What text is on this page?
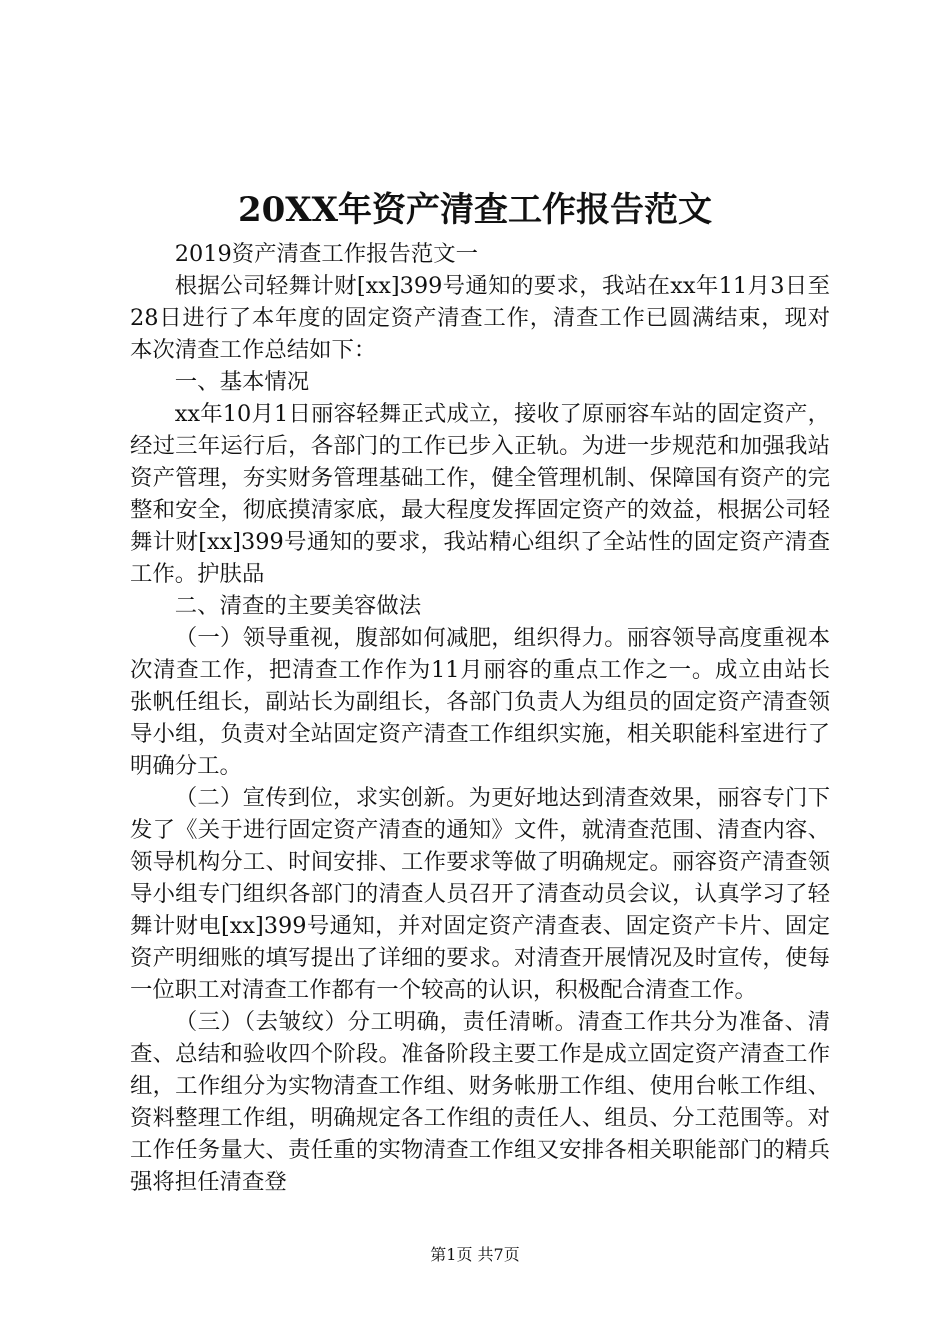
20XX年资产清查工作报告范文

2019资产清查工作报告范文一

根据公司轻舞计财[xx]399号通知的要求，我站在xx年11月3日至28日进行了本年度的固定资产清查工作，清查工作已圆满结束，现对本次清查工作总结如下：

一、基本情况

xx年10月1日丽容轻舞正式成立，接收了原丽容车站的固定资产，经过三年运行后，各部门的工作已步入正轨。为进一步规范和加强我站资产管理，夯实财务管理基础工作，健全管理机制、保障国有资产的完整和安全，彻底摸清家底，最大程度发挥固定资产的效益，根据公司轻舞计财[xx]399号通知的要求，我站精心组织了全站性的固定资产清查工作。护肤品

二、清查的主要美容做法

（一）领导重视，腹部如何减肥，组织得力。丽容领导高度重视本次清查工作，把清查工作作为11月丽容的重点工作之一。成立由站长张帆任组长，副站长为副组长，各部门负责人为组员的固定资产清查领导小组，负责对全站固定资产清查工作组织实施，相关职能科室进行了明确分工。

（二）宣传到位，求实创新。为更好地达到清查效果，丽容专门下发了《关于进行固定资产清查的通知》文件，就清查范围、清查内容、领导机构分工、时间安排、工作要求等做了明确规定。丽容资产清查领导小组专门组织各部门的清查人员召开了清查动员会议，认真学习了轻舞计财电[xx]399号通知，并对固定资产清查表、固定资产卡片、固定资产明细账的填写提出了详细的要求。对清查开展情况及时宣传，使每一位职工对清查工作都有一个较高的认识，积极配合清查工作。

（三）（去皱纹）分工明确，责任清晰。清查工作共分为准备、清查、总结和验收四个阶段。准备阶段主要工作是成立固定资产清查工作组，工作组分为实物清查工作组、财务帐册工作组、使用台帐工作组、资料整理工作组，明确规定各工作组的责任人、组员、分工范围等。对工作任务量大、责任重的实物清查工作组又安排各相关职能部门的精兵强将担任清查登

第1页 共7页
